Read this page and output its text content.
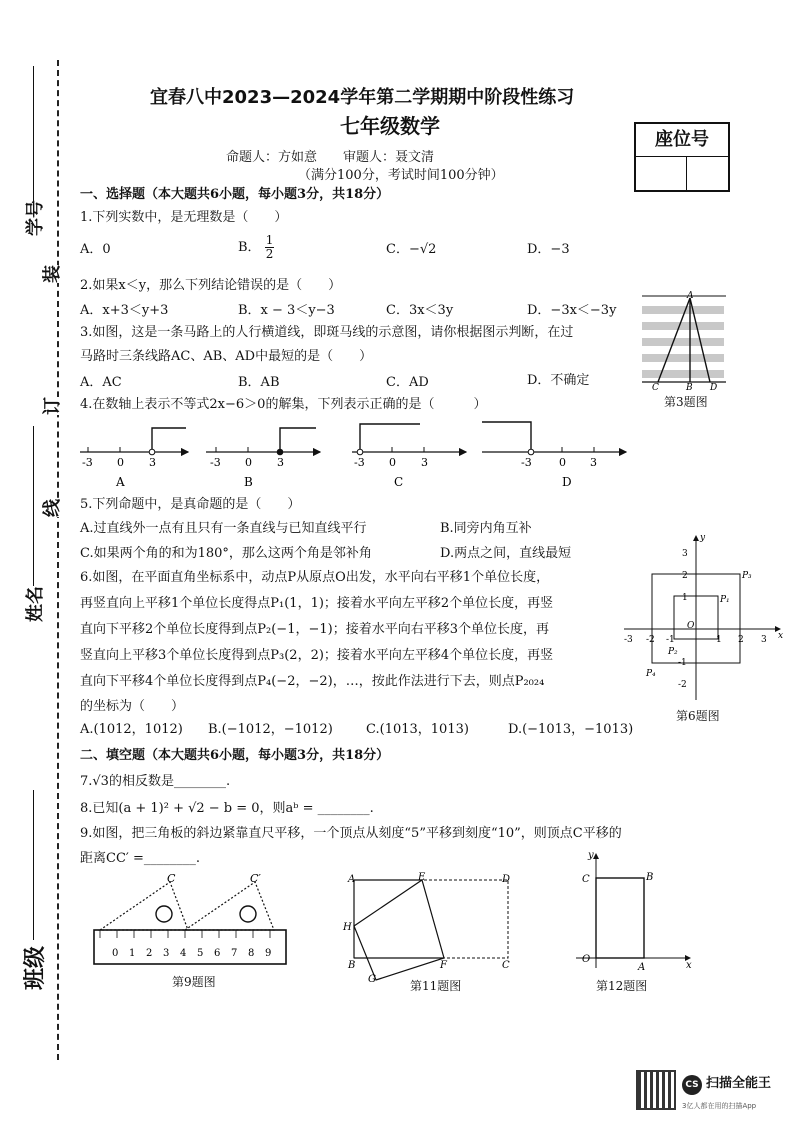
学号
装
订
线
姓名
班级
宜春八中2023—2024学年第二学期期中阶段性练习
七年级数学
命题人：方如意　　审题人：聂文清
（满分100分，考试时间100分钟）
座位号
一、选择题（本大题共6小题，每小题3分，共18分）
1.下列实数中，是无理数是（　　）
A．0	B． $\frac{1}{2}$	C．−√2	D．−3
2.如果x＜y，那么下列结论错误的是（　　）
A．x+3＜y+3	B．x − 3＜y−3	C．3x＜3y	D．−3x＜−3y
3.如图，这是一条马路上的人行横道线，即斑马线的示意图，请你根据图示判断，在过
马路时三条线路AC、AB、AD中最短的是（　　）
A．AC	B．AB	C．AD	D．不确定
A
C	B D
第3题图
4.在数轴上表示不等式2x−6＞0的解集，下列表示正确的是（　　　）
-3 0 3
A
-3 0 3
B
-3 0 3
C
-3 0 3
D
5.下列命题中，是真命题的是（　　）
A.过直线外一点有且只有一条直线与已知直线平行	B.同旁内角互补
C.如果两个角的和为180°，那么这两个角是邻补角	D.两点之间，直线最短
6.如图，在平面直角坐标系中，动点P从原点O出发，水平向右平移1个单位长度，
再竖直向上平移1个单位长度得点P₁(1，1)；接着水平向左平移2个单位长度，再竖
直向下平移2个单位长度得到点P₂(−1，−1)；接着水平向右平移3个单位长度，再
竖直向上平移3个单位长度得到点P₃(2，2)；接着水平向左平移4个单位长度，再竖
直向下平移4个单位长度得到点P₄(−2，−2)，…，按此作法进行下去，则点P₂₀₂₄
的坐标为（　　）
A.(1012，1012) B.(−1012，−1012)	C.(1013，1013)	D.(−1013，−1013)
P₁
P₂
P₃
P₄
-3 -2 -1
O
1 2 3 x
3
2
1
-1
-2
y
第6题图
二、填空题（本大题共6小题，每小题3分，共18分）
7.√3的相反数是________.
8.已知(a + 1)² + √2 − b = 0，则aᵇ = ________.
9.如图，把三角板的斜边紧靠直尺平移，一个顶点从刻度“5”平移到刻度“10”，则顶点C平移的
距离CC′ =________.
C	C′
0 1 2 3 4 5 6 7 8 9
第9题图
A	E	D
H
B	F	C
G	第11题图
C	B
O
A	x
y
第12题图
CS 扫描全能王
3亿人都在用的扫描App
